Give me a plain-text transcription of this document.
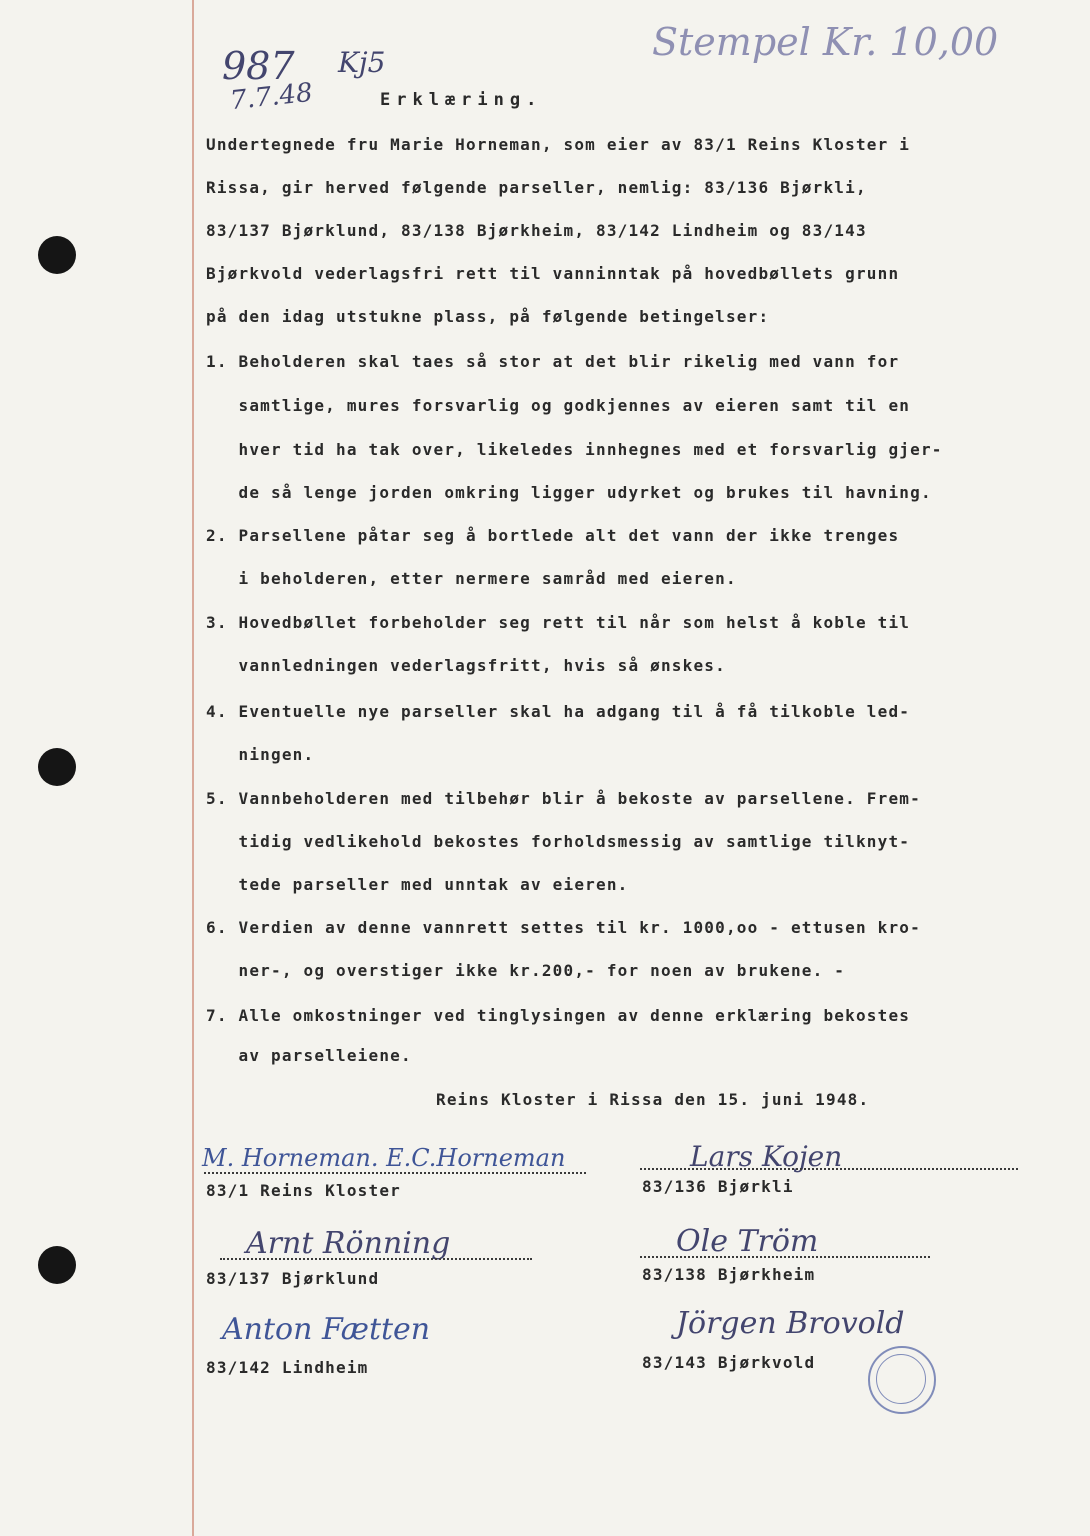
987
7.7.48
Kj5	Stempel Kr. 10,00
Erklæring.
Undertegnede fru Marie Horneman, som eier av 83/1 Reins Kloster i
Rissa, gir herved følgende parseller, nemlig: 83/136 Bjørkli,
83/137 Bjørklund, 83/138 Bjørkheim, 83/142 Lindheim og 83/143
Bjørkvold vederlagsfri rett til vanninntak på hovedbøllets grunn
på den idag utstukne plass, på følgende betingelser:
1. Beholderen skal taes så stor at det blir rikelig med vann for
samtlige, mures forsvarlig og godkjennes av eieren samt til en
hver tid ha tak over, likeledes innhegnes med et forsvarlig gjer-
de så lenge jorden omkring ligger udyrket og brukes til havning.
2. Parsellene påtar seg å bortlede alt det vann der ikke trenges
i beholderen, etter nermere samråd med eieren.
3. Hovedbøllet forbeholder seg rett til når som helst å koble til
vannledningen vederlagsfritt, hvis så ønskes.
4. Eventuelle nye parseller skal ha adgang til å få tilkoble led-
ningen.
5. Vannbeholderen med tilbehør blir å bekoste av parsellene. Frem-
tidig vedlikehold bekostes forholdsmessig av samtlige tilknyt-
tede parseller med unntak av eieren.
6. Verdien av denne vannrett settes til kr. 1000,oo - ettusen kro-
ner-, og overstiger ikke kr.200,- for noen av brukene. -
7. Alle omkostninger ved tinglysingen av denne erklæring bekostes
av parselleiene.
Reins Kloster i Rissa den 15. juni 1948.
M. Horneman. E.C.Horneman
83/1 Reins Kloster
Lars Kojen
83/136 Bjørkli
Arnt Rönning
83/137 Bjørklund
Ole Tröm
83/138 Bjørkheim
Anton Fætten
83/142 Lindheim
Jörgen Brovold
83/143 Bjørkvold
